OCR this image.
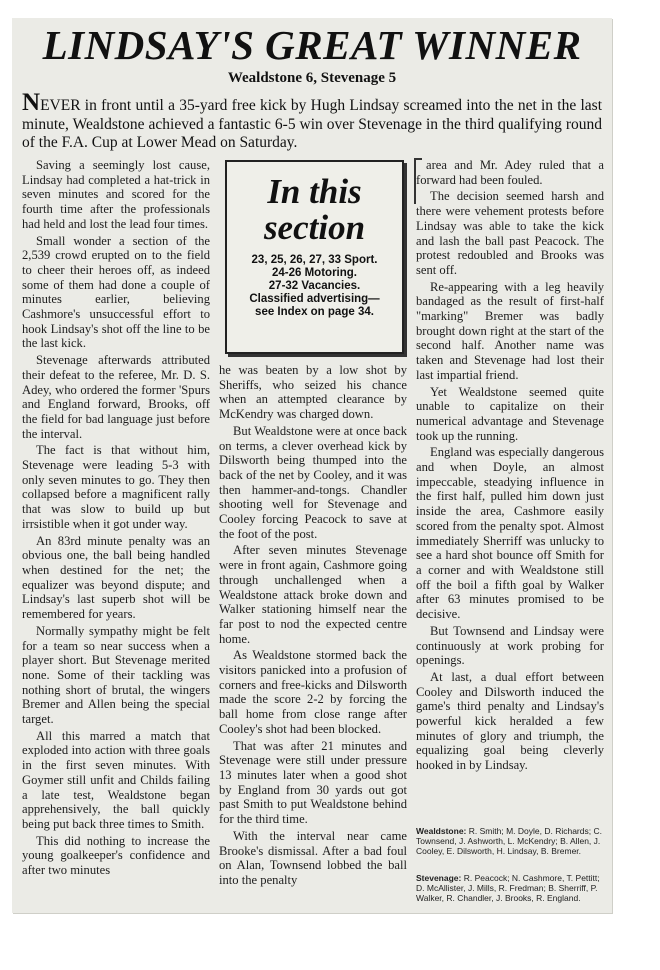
LINDSAY'S GREAT WINNER
Wealdstone 6, Stevenage 5
NEVER in front until a 35-yard free kick by Hugh Lindsay screamed into the net in the last minute, Wealdstone achieved a fantastic 6-5 win over Stevenage in the third qualifying round of the F.A. Cup at Lower Mead on Saturday.

Saving a seemingly lost cause, Lindsay had completed a hat-trick in seven minutes and scored for the fourth time after the professionals had held and lost the lead four times.

Small wonder a section of the 2,539 crowd erupted on to the field to cheer their heroes off, as indeed some of them had done a couple of minutes earlier, believing Cashmore's unsuccessful effort to hook Lindsay's shot off the line to be the last kick.

Stevenage afterwards attributed their defeat to the referee, Mr. D. S. Adey, who ordered the former 'Spurs and England forward, Brooks, off the field for bad language just before the interval.

The fact is that without him, Stevenage were leading 5-3 with only seven minutes to go. They then collapsed before a magnificent rally that was slow to build up but irrsistible when it got under way.

An 83rd minute penalty was an obvious one, the ball being handled when destined for the net; the equalizer was beyond dispute; and Lindsay's last superb shot will be remembered for years.

Normally sympathy might be felt for a team so near success when a player short. But Stevenage merited none. Some of their tackling was nothing short of brutal, the wingers Bremer and Allen being the special target.

All this marred a match that exploded into action with three goals in the first seven minutes. With Goymer still unfit and Childs failing a late test, Wealdstone began apprehensively, the ball quickly being put back three times to Smith.

This did nothing to increase the young goalkeeper's confidence and after two minutes

In this
section
23, 25, 26, 27, 33 Sport.
24-26 Motoring.
27-32 Vacancies.
Classified advertising—
see Index on page 34.

he was beaten by a low shot by Sheriffs, who seized his chance when an attempted clearance by McKendry was charged down.

But Wealdstone were at once back on terms, a clever overhead kick by Dilsworth being thumped into the back of the net by Cooley, and it was then hammer-and-tongs. Chandler shooting well for Stevenage and Cooley forcing Peacock to save at the foot of the post.

After seven minutes Stevenage were in front again, Cashmore going through unchallenged when a Wealdstone attack broke down and Walker stationing himself near the far post to nod the expected centre home.

As Wealdstone stormed back the visitors panicked into a profusion of corners and free-kicks and Dilsworth made the score 2-2 by forcing the ball home from close range after Cooley's shot had been blocked.

That was after 21 minutes and Stevenage were still under pressure 13 minutes later when a good shot by England from 30 yards out got past Smith to put Wealdstone behind for the third time.

With the interval near came Brooke's dismissal. After a bad foul on Alan, Townsend lobbed the ball into the penalty

area and Mr. Adey ruled that a forward had been fouled.

The decision seemed harsh and there were vehement protests before Lindsay was able to take the kick and lash the ball past Peacock. The protest redoubled and Brooks was sent off.

Re-appearing with a leg heavily bandaged as the result of first-half "marking" Bremer was badly brought down right at the start of the second half. Another name was taken and Stevenage had lost their last impartial friend.

Yet Wealdstone seemed quite unable to capitalize on their numerical advantage and Stevenage took up the running.

England was especially dangerous and when Doyle, an almost impeccable, steadying influence in the first half, pulled him down just inside the area, Cashmore easily scored from the penalty spot. Almost immediately Sherriff was unlucky to see a hard shot bounce off Smith for a corner and with Wealdstone still off the boil a fifth goal by Walker after 63 minutes promised to be decisive.

But Townsend and Lindsay were continuously at work probing for openings.

At last, a dual effort between Cooley and Dilsworth induced the game's third penalty and Lindsay's powerful kick heralded a few minutes of glory and triumph, the equalizing goal being cleverly hooked in by Lindsay.

Wealdstone: R. Smith; M. Doyle, D. Richards; C. Townsend, J. Ashworth, L. McKendry; B. Allen, J. Cooley, E. Dilsworth, H. Lindsay, B. Bremer.
Stevenage: R. Peacock; N. Cashmore, T. Pettitt; D. McAllister, J. Mills, R. Fredman; B. Sherriff, P. Walker, R. Chandler, J. Brooks, R. England.
